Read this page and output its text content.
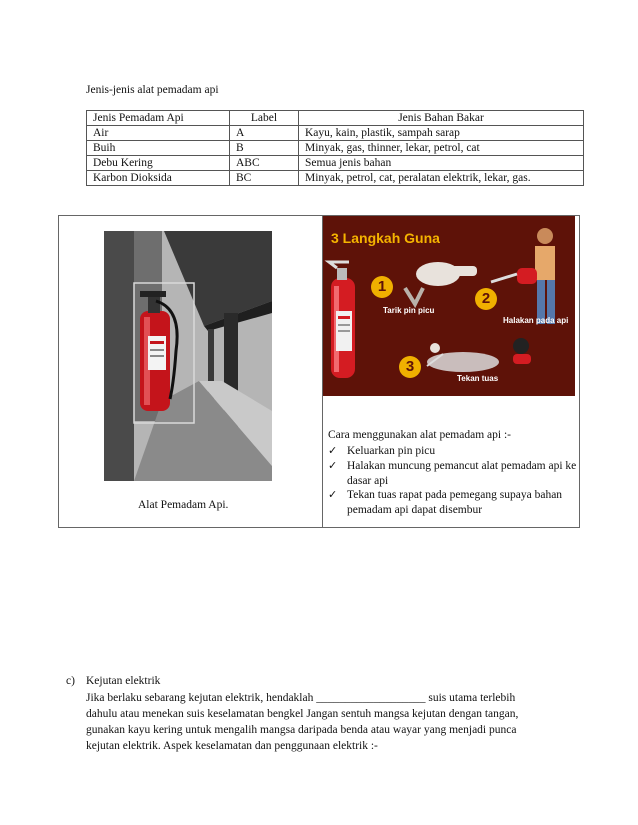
Jenis-jenis alat pemadam api
Jenis Pemadam Api	Label	Jenis Bahan Bakar
Air	A	Kayu, kain, plastik, sampah sarap
Buih	B	Minyak, gas, thinner, lekar, petrol, cat
Debu Kering	ABC	Semua jenis bahan
Karbon Dioksida	BC	Minyak, petrol, cat, peralatan elektrik, lekar, gas.
Alat Pemadam Api.
3 Langkah Guna
1
2
3
Tarik pin picu
Halakan pada api
Tekan tuas
Cara menggunakan alat pemadam api :-
✓ Keluarkan pin picu
✓ Halakan muncung pemancut alat pemadam api ke dasar api
✓ Tekan tuas rapat pada pemegang supaya bahan pemadam api dapat disembur
c) Kejutan elektrik
Jika berlaku sebarang kejutan elektrik, hendaklah ___________________ suis utama terlebih
dahulu atau menekan suis keselamatan bengkel Jangan sentuh mangsa kejutan dengan tangan,
gunakan kayu kering untuk mengalih mangsa daripada benda atau wayar yang menjadi punca
kejutan elektrik. Aspek keselamatan dan penggunaan elektrik :-
